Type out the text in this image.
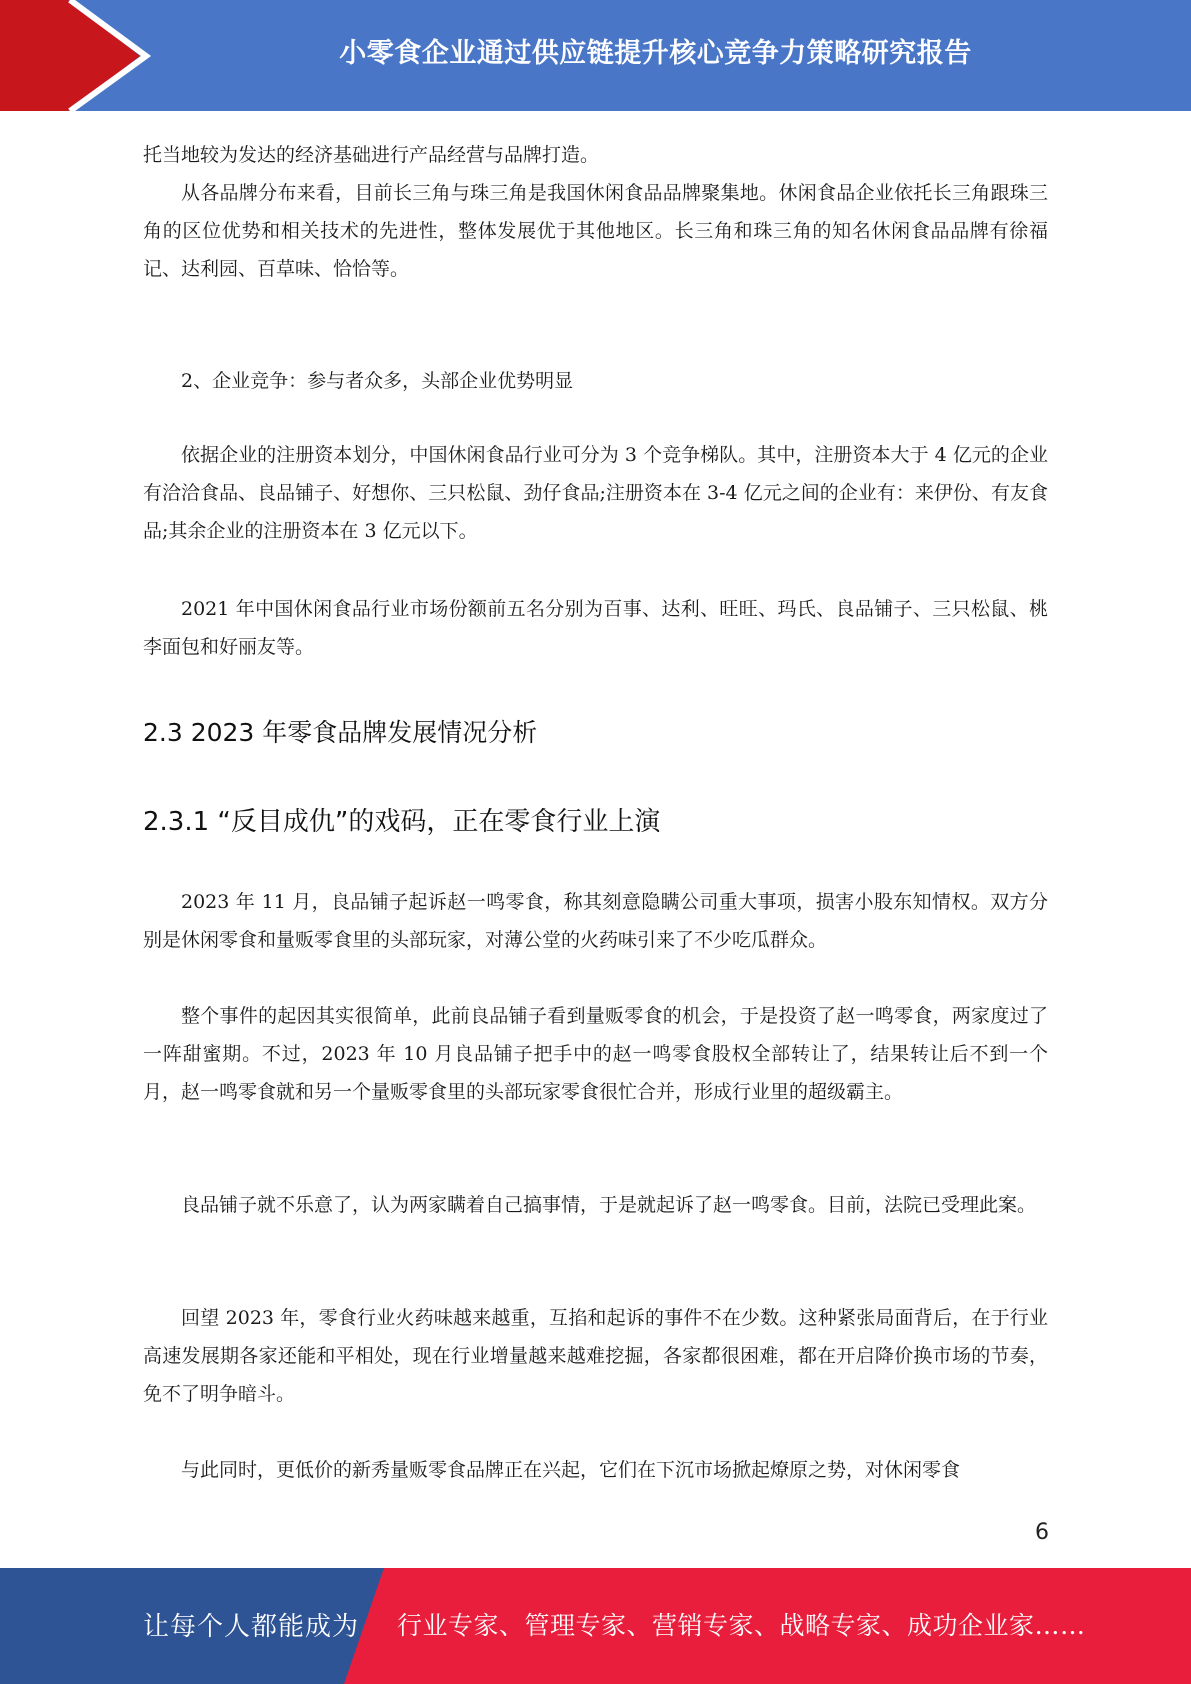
小零食企业通过供应链提升核心竞争力策略研究报告

托当地较为发达的经济基础进行产品经营与品牌打造。

从各品牌分布来看，目前长三角与珠三角是我国休闲食品品牌聚集地。休闲食品企业依托长三角跟珠三角的区位优势和相关技术的先进性，整体发展优于其他地区。长三角和珠三角的知名休闲食品品牌有徐福记、达利园、百草味、恰恰等。

2、企业竞争：参与者众多，头部企业优势明显

依据企业的注册资本划分，中国休闲食品行业可分为 3 个竞争梯队。其中，注册资本大于 4 亿元的企业有洽洽食品、良品铺子、好想你、三只松鼠、劲仔食品;注册资本在 3-4 亿元之间的企业有：来伊份、有友食品;其余企业的注册资本在 3 亿元以下。

2021 年中国休闲食品行业市场份额前五名分别为百事、达利、旺旺、玛氏、良品铺子、三只松鼠、桃李面包和好丽友等。

2.3 2023 年零食品牌发展情况分析
2.3.1 “反目成仇”的戏码，正在零食行业上演

2023 年 11 月，良品铺子起诉赵一鸣零食，称其刻意隐瞒公司重大事项，损害小股东知情权。双方分别是休闲零食和量贩零食里的头部玩家，对薄公堂的火药味引来了不少吃瓜群众。

整个事件的起因其实很简单，此前良品铺子看到量贩零食的机会，于是投资了赵一鸣零食，两家度过了一阵甜蜜期。不过，2023 年 10 月良品铺子把手中的赵一鸣零食股权全部转让了，结果转让后不到一个月，赵一鸣零食就和另一个量贩零食里的头部玩家零食很忙合并，形成行业里的超级霸主。

良品铺子就不乐意了，认为两家瞒着自己搞事情，于是就起诉了赵一鸣零食。目前，法院已受理此案。

回望 2023 年，零食行业火药味越来越重，互掐和起诉的事件不在少数。这种紧张局面背后，在于行业高速发展期各家还能和平相处，现在行业增量越来越难挖掘，各家都很困难，都在开启降价换市场的节奏，免不了明争暗斗。

与此同时，更低价的新秀量贩零食品牌正在兴起，它们在下沉市场掀起燎原之势，对休闲零食

6
让每个人都能成为 行业专家、管理专家、营销专家、战略专家、成功企业家……
